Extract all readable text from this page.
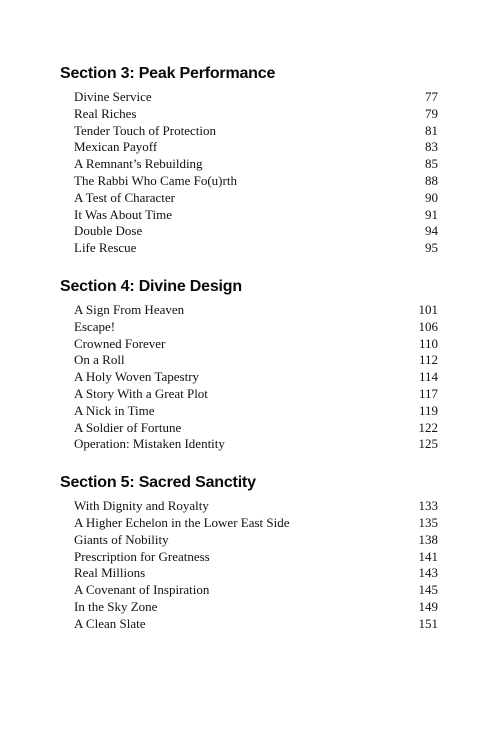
Section 3: Peak Performance
Divine Service	77
Real Riches	79
Tender Touch of Protection	81
Mexican Payoff	83
A Remnant’s Rebuilding	85
The Rabbi Who Came Fo(u)rth	88
A Test of Character	90
It Was About Time	91
Double Dose	94
Life Rescue	95
Section 4: Divine Design
A Sign From Heaven	101
Escape!	106
Crowned Forever	110
On a Roll	112
A Holy Woven Tapestry	114
A Story With a Great Plot	117
A Nick in Time	119
A Soldier of Fortune	122
Operation: Mistaken Identity	125
Section 5: Sacred Sanctity
With Dignity and Royalty	133
A Higher Echelon in the Lower East Side	135
Giants of Nobility	138
Prescription for Greatness	141
Real Millions	143
A Covenant of Inspiration	145
In the Sky Zone	149
A Clean Slate	151
